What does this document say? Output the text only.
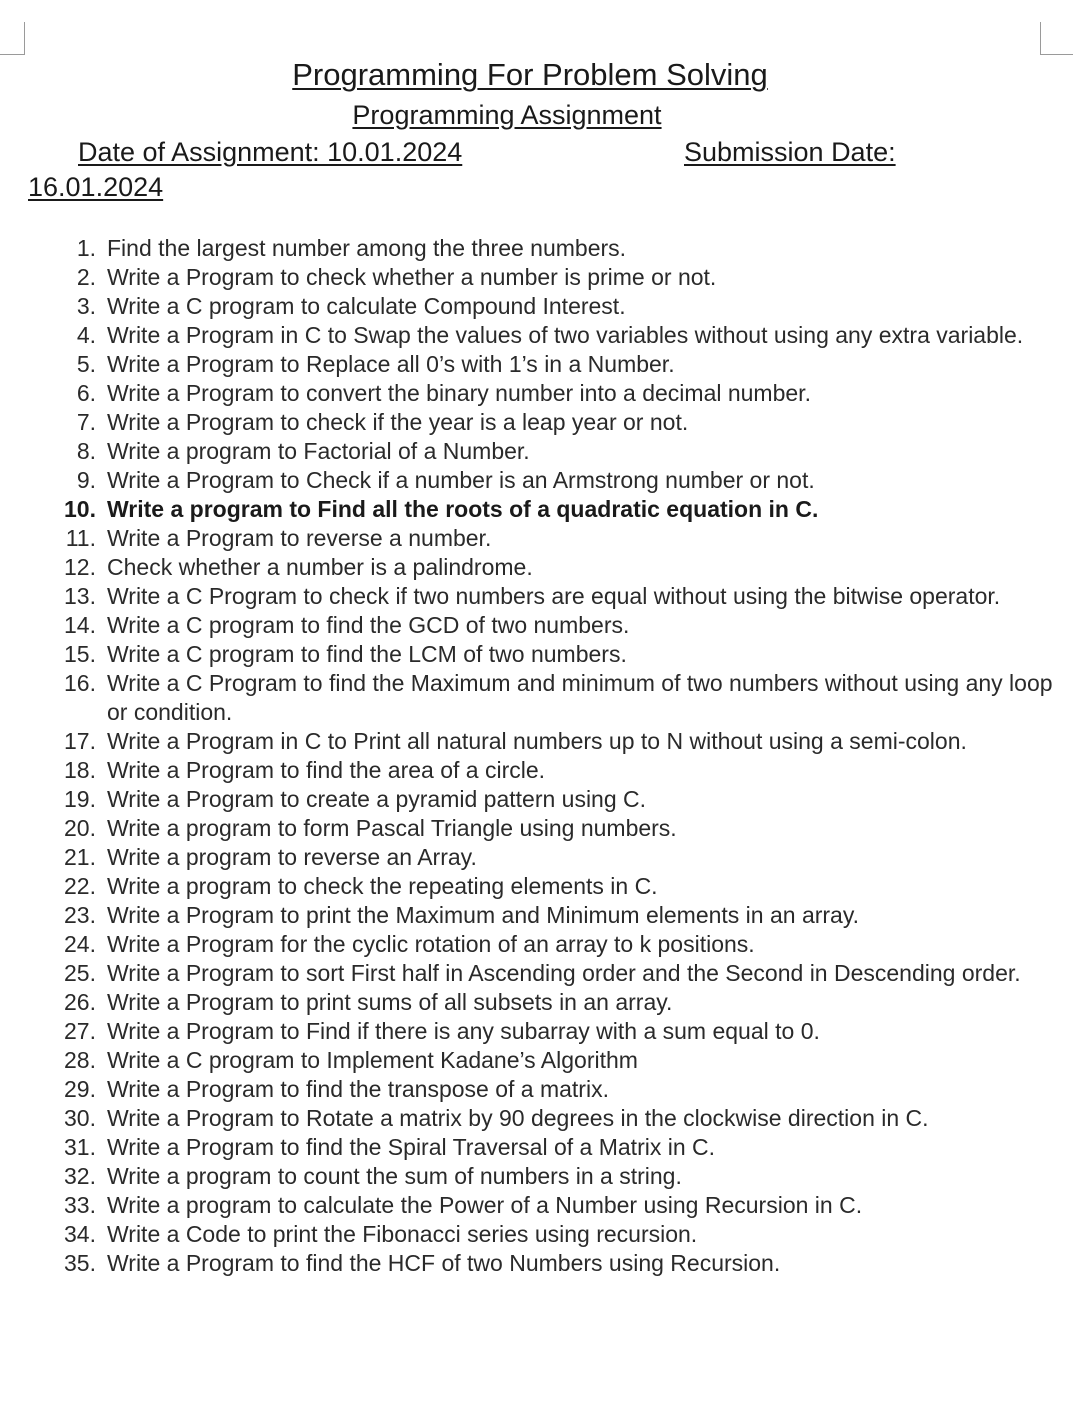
Programming For Problem Solving
Programming Assignment
Date of Assignment: 10.01.2024	Submission Date:
16.01.2024
1. Find the largest number among the three numbers.
2. Write a Program to check whether a number is prime or not.
3. Write a C program to calculate Compound Interest.
4. Write a Program in C to Swap the values of two variables without using any extra variable.
5. Write a Program to Replace all 0’s with 1’s in a Number.
6. Write a Program to convert the binary number into a decimal number.
7. Write a Program to check if the year is a leap year or not.
8. Write a program to Factorial of a Number.
9. Write a Program to Check if a number is an Armstrong number or not.
10. Write a program to Find all the roots of a quadratic equation in C.
11. Write a Program to reverse a number.
12. Check whether a number is a palindrome.
13. Write a C Program to check if two numbers are equal without using the bitwise operator.
14. Write a C program to find the GCD of two numbers.
15. Write a C program to find the LCM of two numbers.
16. Write a C Program to find the Maximum and minimum of two numbers without using any loop or condition.
17. Write a Program in C to Print all natural numbers up to N without using a semi-colon.
18. Write a Program to find the area of a circle.
19. Write a Program to create a pyramid pattern using C.
20. Write a program to form Pascal Triangle using numbers.
21. Write a program to reverse an Array.
22. Write a program to check the repeating elements in C.
23. Write a Program to print the Maximum and Minimum elements in an array.
24. Write a Program for the cyclic rotation of an array to k positions.
25. Write a Program to sort First half in Ascending order and the Second in Descending order.
26. Write a Program to print sums of all subsets in an array.
27. Write a Program to Find if there is any subarray with a sum equal to 0.
28. Write a C program to Implement Kadane’s Algorithm
29. Write a Program to find the transpose of a matrix.
30. Write a Program to Rotate a matrix by 90 degrees in the clockwise direction in C.
31. Write a Program to find the Spiral Traversal of a Matrix in C.
32. Write a program to count the sum of numbers in a string.
33. Write a program to calculate the Power of a Number using Recursion in C.
34. Write a Code to print the Fibonacci series using recursion.
35. Write a Program to find the HCF of two Numbers using Recursion.
